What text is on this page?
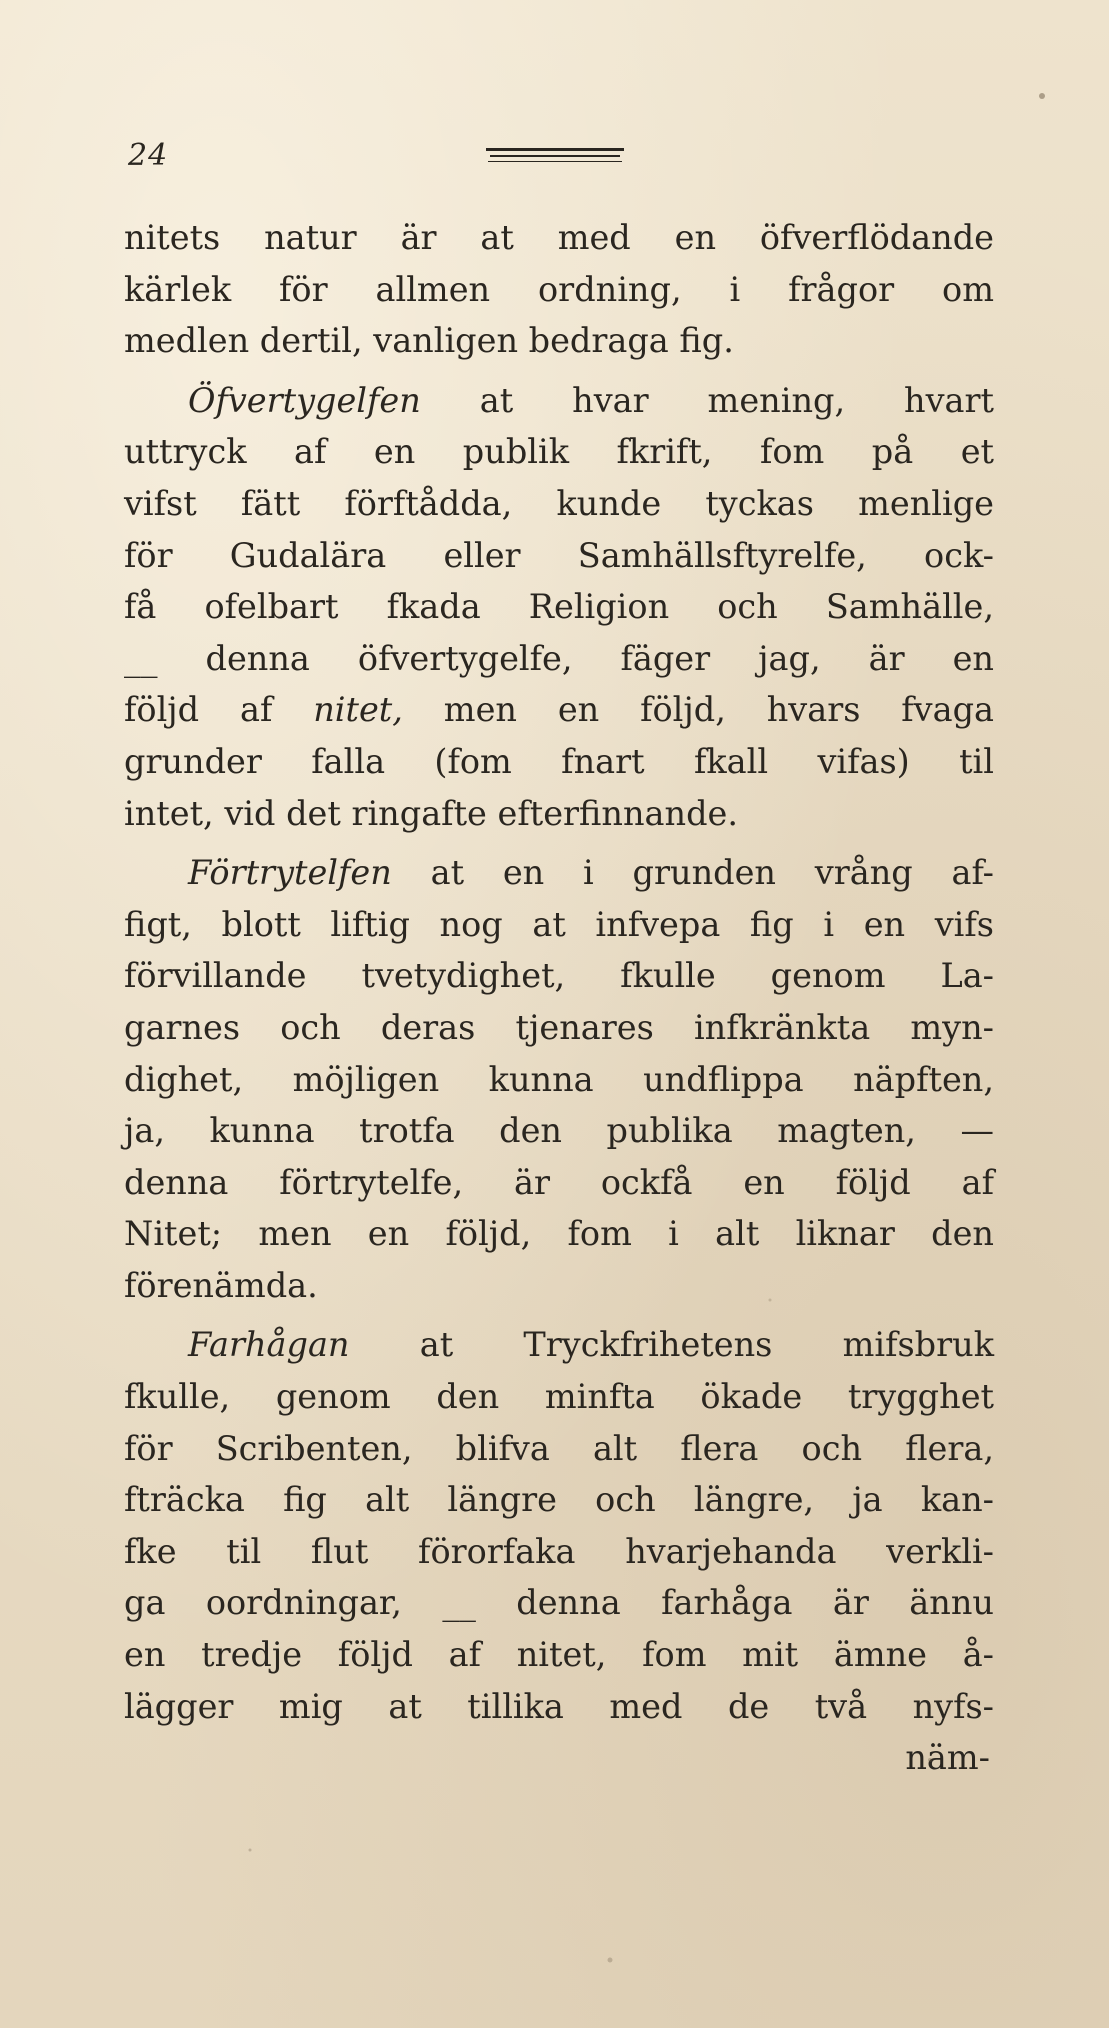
24
nitets natur är at med en öfverflödande
kärlek för allmen ordning, i frågor om
medlen dertil, vanligen bedraga fig.
Öfvertygelfen at hvar mening, hvart
uttryck af en publik fkrift, fom på et
vifst fätt förftådda, kunde tyckas menlige
för Gudalära eller Samhällsftyrelfe, ock-
få ofelbart fkada Religion och Samhälle,
__ denna öfvertygelfe, fäger jag, är en
följd af nitet, men en följd, hvars fvaga
grunder falla (fom fnart fkall vifas) til
intet, vid det ringafte efterfinnande.
Förtrytelfen at en i grunden vrång af-
figt, blott liftig nog at infvepa fig i en vifs
förvillande tvetydighet, fkulle genom La-
garnes och deras tjenares infkränkta myn-
dighet, möjligen kunna undflippa näpften,
ja, kunna trotfa den publika magten, —
denna förtrytelfe, är ockfå en följd af
Nitet; men en följd, fom i alt liknar den
förenämda.
Farhågan at Tryckfrihetens mifsbruk
fkulle, genom den minfta ökade trygghet
för Scribenten, blifva alt flera och flera,
fträcka fig alt längre och längre, ja kan-
fke til flut förorfaka hvarjehanda verkli-
ga oordningar, __ denna farhåga är ännu
en tredje följd af nitet, fom mit ämne å-
lägger mig at tillika med de två nyfs-
näm-
